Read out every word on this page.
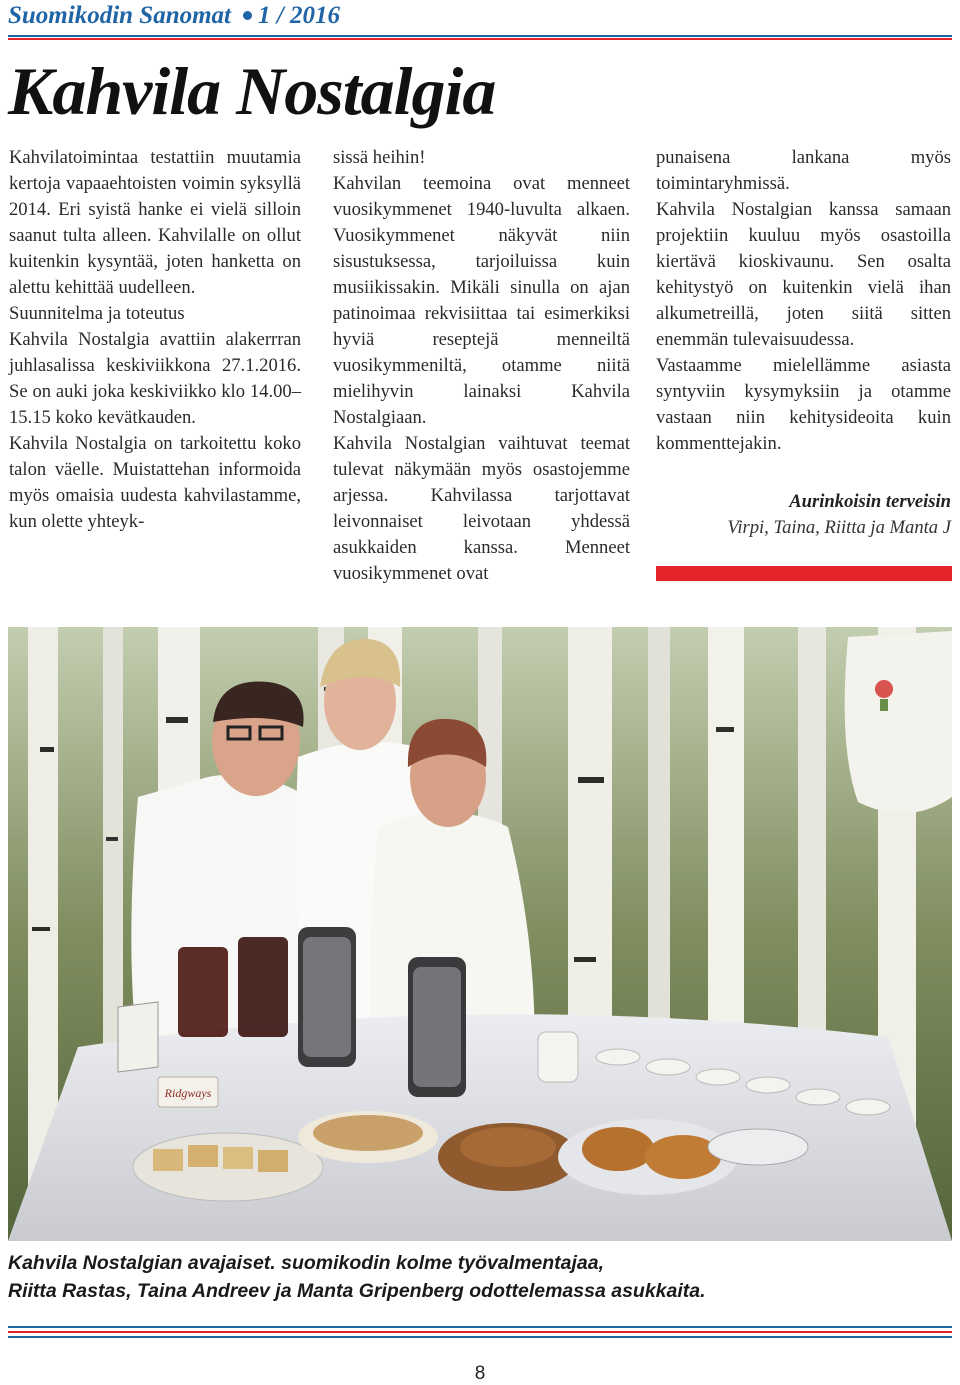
Suomikodin Sanomat 1 / 2016
Kahvila Nostalgia

Kahvilatoimintaa testattiin muutamia kertoja vapaaehtoisten voimin syksyllä 2014. Eri syistä hanke ei vielä silloin saanut tulta alleen. Kahvilalle on ollut kuitenkin kysyntää, joten hanketta on alettu kehittää uudelleen.

Suunnitelma ja toteutus

Kahvila Nostalgia avattiin alakerrran juhlasalissa keskiviikkona 27.1.2016. Se on auki joka keskiviikko klo 14.00–15.15 koko kevätkauden.

Kahvila Nostalgia on tarkoitettu koko talon väelle. Muistattehan informoida myös omaisia uudesta kahvilastamme, kun olette yhteyk-

sissä heihin!

Kahvilan teemoina ovat menneet vuosikymmenet 1940-luvulta alkaen. Vuosikymmenet näkyvät niin sisustuksessa, tarjoiluissa kuin musiikissakin. Mikäli sinulla on ajan patinoimaa rekvisiittaa tai esimerkiksi hyviä reseptejä menneiltä vuosikymmeniltä, otamme niitä mielihyvin lainaksi Kahvila Nostalgiaan.

Kahvila Nostalgian vaihtuvat teemat tulevat näkymään myös osastojemme arjessa. Kahvilassa tarjottavat leivonnaiset leivotaan yhdessä asukkaiden kanssa. Menneet vuosikymmenet ovat

punaisena lankana myös toimintaryhmissä.

Kahvila Nostalgian kanssa samaan projektiin kuuluu myös osastoilla kiertävä kioskivaunu. Sen osalta kehitystyö on kuitenkin vielä ihan alkumetreillä, joten siitä sitten enemmän tulevaisuudessa.

Vastaamme mielellämme asiasta syntyviin kysymyksiin ja otamme vastaan niin kehitysideoita kuin kommenttejakin.

Aurinkoisin terveisin
Virpi, Taina, Riitta ja Manta J

Ridgways
Kahvila Nostalgian avajaiset. suomikodin kolme työvalmentajaa,
Riitta Rastas, Taina Andreev ja Manta Gripenberg odottelemassa asukkaita.
8
